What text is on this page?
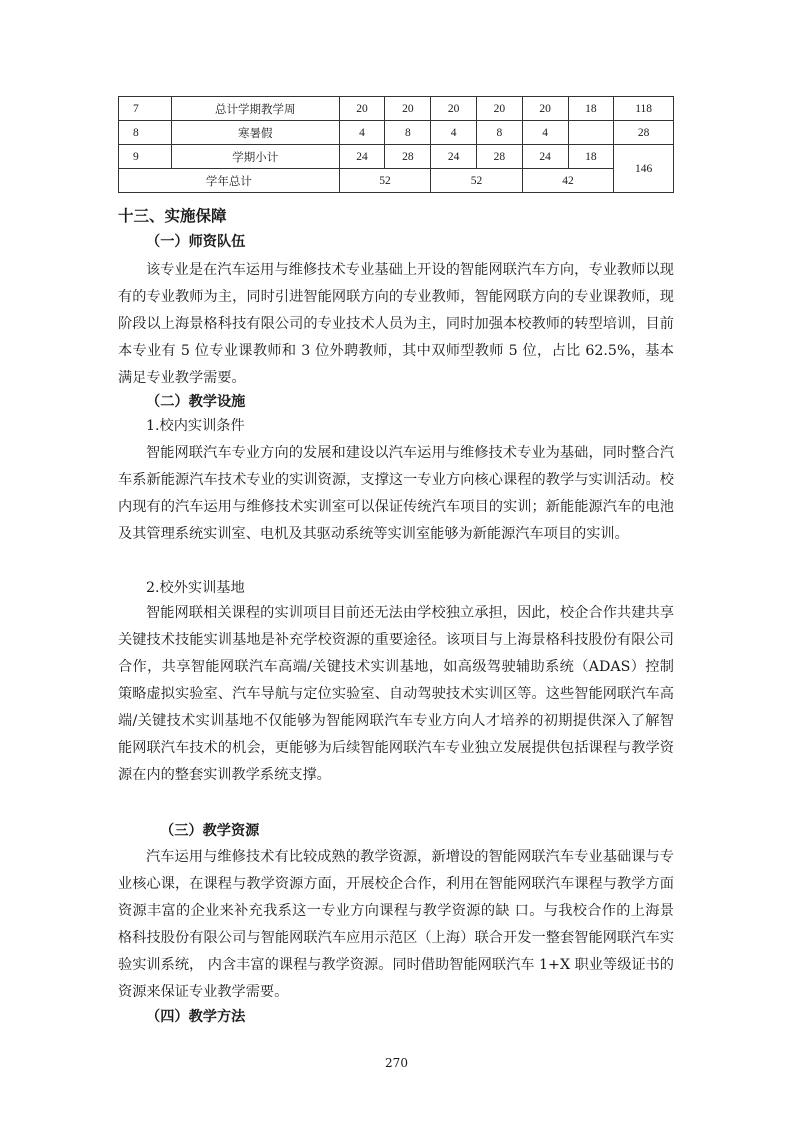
7	总计学期教学周	20	20	20	20	20	18	118
8	寒暑假	4	8	4	8	4		28
9	学期小计	24	28	24	28	24	18	146
学年总计		52		52		42		
十三、实施保障
（一）师资队伍
该专业是在汽车运用与维修技术专业基础上开设的智能网联汽车方向，专业教师以现有的专业教师为主，同时引进智能网联方向的专业教师，智能网联方向的专业课教师，现阶段以上海景格科技有限公司的专业技术人员为主，同时加强本校教师的转型培训，目前本专业有 5 位专业课教师和 3 位外聘教师，其中双师型教师 5 位，占比 62.5%，基本满足专业教学需要。
（二）教学设施
1.校内实训条件
智能网联汽车专业方向的发展和建设以汽车运用与维修技术专业为基础，同时整合汽车系新能源汽车技术专业的实训资源，支撑这一专业方向核心课程的教学与实训活动。校内现有的汽车运用与维修技术实训室可以保证传统汽车项目的实训；新能能源汽车的电池及其管理系统实训室、电机及其驱动系统等实训室能够为新能源汽车项目的实训。
2.校外实训基地
智能网联相关课程的实训项目目前还无法由学校独立承担，因此，校企合作共建共享关键技术技能实训基地是补充学校资源的重要途径。该项目与上海景格科技股份有限公司合作，共享智能网联汽车高端/关键技术实训基地，如高级驾驶辅助系统（ADAS）控制策略虚拟实验室、汽车导航与定位实验室、自动驾驶技术实训区等。这些智能网联汽车高端/关键技术实训基地不仅能够为智能网联汽车专业方向人才培养的初期提供深入了解智能网联汽车技术的机会，更能够为后续智能网联汽车专业独立发展提供包括课程与教学资源在内的整套实训教学系统支撑。
（三）教学资源
汽车运用与维修技术有比较成熟的教学资源，新增设的智能网联汽车专业基础课与专业核心课，在课程与教学资源方面，开展校企合作，利用在智能网联汽车课程与教学方面资源丰富的企业来补充我系这一专业方向课程与教学资源的缺 口。与我校合作的上海景格科技股份有限公司与智能网联汽车应用示范区（上海）联合开发一整套智能网联汽车实验实训系统， 内含丰富的课程与教学资源。同时借助智能网联汽车 1+X 职业等级证书的资源来保证专业教学需要。
（四）教学方法
270
